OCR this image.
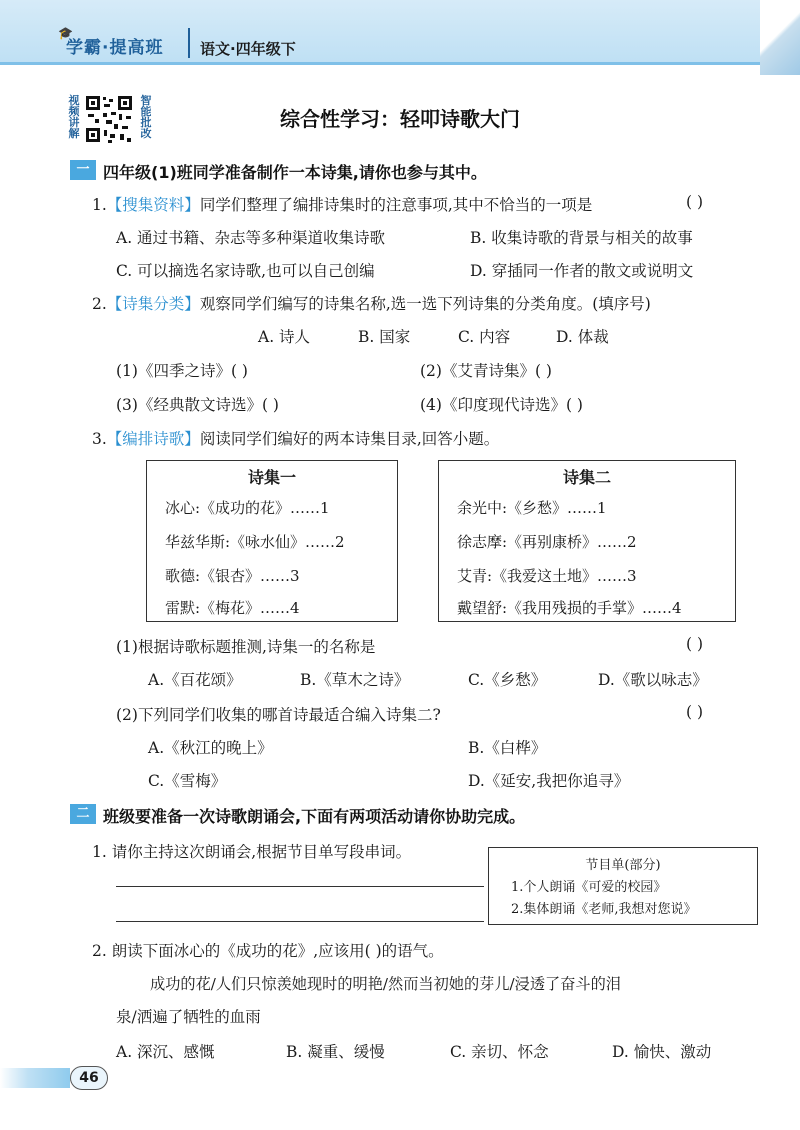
🎓
学霸·提高班 语文·四年级下
视频讲解
智能批改
综合性学习：轻叩诗歌大门
一 四年级(1)班同学准备制作一本诗集,请你也参与其中。
1.【搜集资料】同学们整理了编排诗集时的注意事项,其中不恰当的一项是	( )
A. 通过书籍、杂志等多种渠道收集诗歌	B. 收集诗歌的背景与相关的故事
C. 可以摘选名家诗歌,也可以自己创编	D. 穿插同一作者的散文或说明文
2.【诗集分类】观察同学们编写的诗集名称,选一选下列诗集的分类角度。(填序号)
A. 诗人	B. 国家	C. 内容	D. 体裁
(1)《四季之诗》( )	(2)《艾青诗集》( )
(3)《经典散文诗选》( )	(4)《印度现代诗选》( )
3.【编排诗歌】阅读同学们编好的两本诗集目录,回答小题。
诗集一
冰心:《成功的花》……1
华兹华斯:《咏水仙》……2
歌德:《银杏》……3
雷默:《梅花》……4
诗集二
余光中:《乡愁》……1
徐志摩:《再别康桥》……2
艾青:《我爱这土地》……3
戴望舒:《我用残损的手掌》……4
(1)根据诗歌标题推测,诗集一的名称是	( )
A.《百花颂》	B.《草木之诗》	C.《乡愁》	D.《歌以咏志》
(2)下列同学们收集的哪首诗最适合编入诗集二?	( )
A.《秋江的晚上》	B.《白桦》
C.《雪梅》	D.《延安,我把你追寻》
二 班级要准备一次诗歌朗诵会,下面有两项活动请你协助完成。
1. 请你主持这次朗诵会,根据节目单写段串词。
节目单(部分)
1.个人朗诵《可爱的校园》
2.集体朗诵《老师,我想对您说》
2. 朗读下面冰心的《成功的花》,应该用( )的语气。
成功的花/人们只惊羡她现时的明艳/然而当初她的芽儿/浸透了奋斗的泪
泉/洒遍了牺牲的血雨
A. 深沉、感慨	B. 凝重、缓慢	C. 亲切、怀念	D. 愉快、激动
46
